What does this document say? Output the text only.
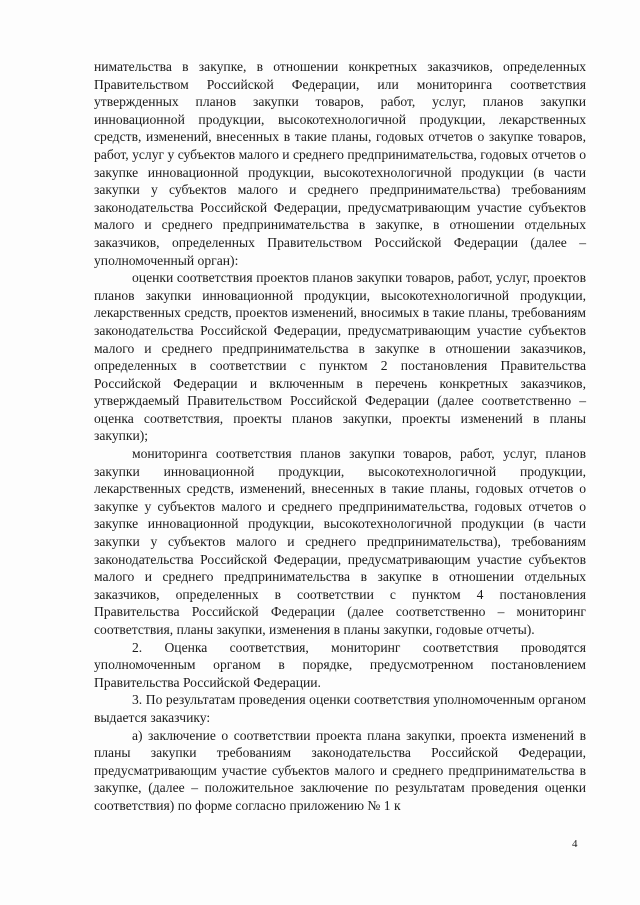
нимательства в закупке, в отношении конкретных заказчиков, определенных Правительством Российской Федерации, или мониторинга соответствия утвержденных планов закупки товаров, работ, услуг, планов закупки инновационной продукции, высокотехнологичной продукции, лекарственных средств, изменений, внесенных в такие планы, годовых отчетов о закупке товаров, работ, услуг у субъектов малого и среднего предпринимательства, годовых отчетов о закупке инновационной продукции, высокотехнологичной продукции (в части закупки у субъектов малого и среднего предпринимательства) требованиям законодательства Российской Федерации, предусматривающим участие субъектов малого и среднего предпринимательства в закупке, в отношении отдельных заказчиков, определенных Правительством Российской Федерации (далее – уполномоченный орган):

оценки соответствия проектов планов закупки товаров, работ, услуг, проектов планов закупки инновационной продукции, высокотехнологичной продукции, лекарственных средств, проектов изменений, вносимых в такие планы, требованиям законодательства Российской Федерации, предусматривающим участие субъектов малого и среднего предпринимательства в закупке в отношении заказчиков, определенных в соответствии с пунктом 2 постановления Правительства Российской Федерации и включенным в перечень конкретных заказчиков, утверждаемый Правительством Российской Федерации (далее соответственно – оценка соответствия, проекты планов закупки, проекты изменений в планы закупки);

мониторинга соответствия планов закупки товаров, работ, услуг, планов закупки инновационной продукции, высокотехнологичной продукции, лекарственных средств, изменений, внесенных в такие планы, годовых отчетов о закупке у субъектов малого и среднего предпринимательства, годовых отчетов о закупке инновационной продукции, высокотехнологичной продукции (в части закупки у субъектов малого и среднего предпринимательства), требованиям законодательства Российской Федерации, предусматривающим участие субъектов малого и среднего предпринимательства в закупке в отношении отдельных заказчиков, определенных в соответствии с пунктом 4 постановления Правительства Российской Федерации (далее соответственно – мониторинг соответствия, планы закупки, изменения в планы закупки, годовые отчеты).

2. Оценка соответствия, мониторинг соответствия проводятся уполномоченным органом в порядке, предусмотренном постановлением Правительства Российской Федерации.

3. По результатам проведения оценки соответствия уполномоченным органом выдается заказчику:

а) заключение о соответствии проекта плана закупки, проекта изменений в планы закупки требованиям законодательства Российской Федерации, предусматривающим участие субъектов малого и среднего предпринимательства в закупке, (далее – положительное заключение по результатам проведения оценки соответствия) по форме согласно приложению № 1 к

4
